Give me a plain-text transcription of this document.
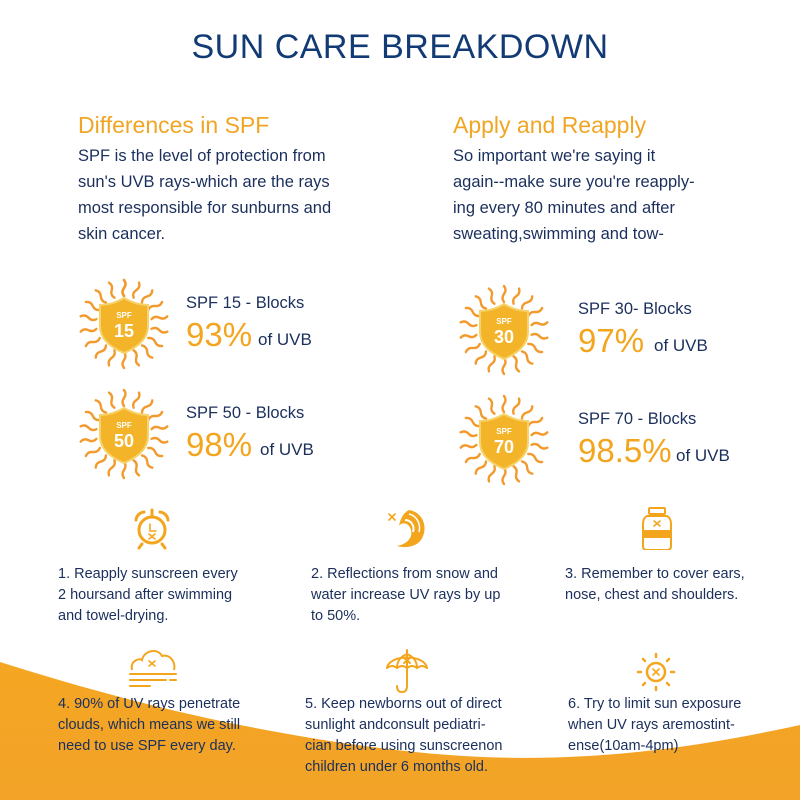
SUN CARE BREAKDOWN
Differences in SPF
SPF is the level of protection from
sun's UVB rays-which are the rays
most responsible for sunburns and
skin cancer.
Apply and Reapply
So important we're saying it
again--make sure you're reapply-
ing every 80 minutes and after
sweating,swimming and tow-
SPF
15
SPF 15 - Blocks
93% of UVB
SPF
30
SPF 30- Blocks
97% of UVB
SPF
50
SPF 50 - Blocks
98% of UVB
SPF
70
SPF 70 - Blocks
98.5% of UVB
1. Reapply sunscreen every
2 hoursand after swimming
and towel-drying.
2. Reflections from snow and
water increase UV rays by up
to 50%.
3. Remember to cover ears,
nose, chest and shoulders.
4. 90% of UV rays penetrate
clouds, which means we still
need to use SPF every day.
5. Keep newborns out of direct
sunlight andconsult pediatri-
cian before using sunscreenon
children under 6 months old.
6. Try to limit sun exposure
when UV rays aremostint-
ense(10am-4pm)
